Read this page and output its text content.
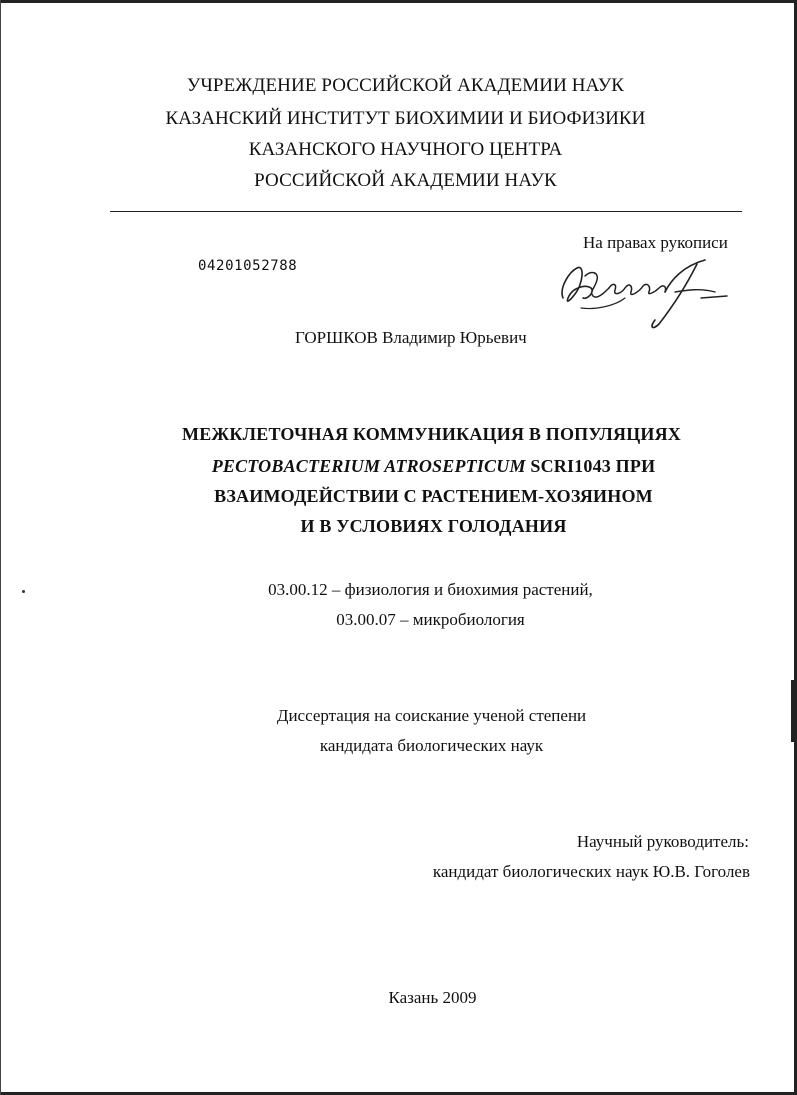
УЧРЕЖДЕНИЕ РОССИЙСКОЙ АКАДЕМИИ НАУК
КАЗАНСКИЙ ИНСТИТУТ БИОХИМИИ И БИОФИЗИКИ
КАЗАНСКОГО НАУЧНОГО ЦЕНТРА
РОССИЙСКОЙ АКАДЕМИИ НАУК
На правах рукописи
04201052788
ГОРШКОВ Владимир Юрьевич
МЕЖКЛЕТОЧНАЯ КОММУНИКАЦИЯ В ПОПУЛЯЦИЯХ
PECTOBACTERIUM ATROSEPTICUM SCRI1043 ПРИ
ВЗАИМОДЕЙСТВИИ С РАСТЕНИЕМ-ХОЗЯИНОМ
И В УСЛОВИЯХ ГОЛОДАНИЯ
03.00.12 – физиология и биохимия растений,
03.00.07 – микробиология
Диссертация на соискание ученой степени
кандидата биологических наук
Научный руководитель:
кандидат биологических наук Ю.В. Гоголев
Казань 2009
